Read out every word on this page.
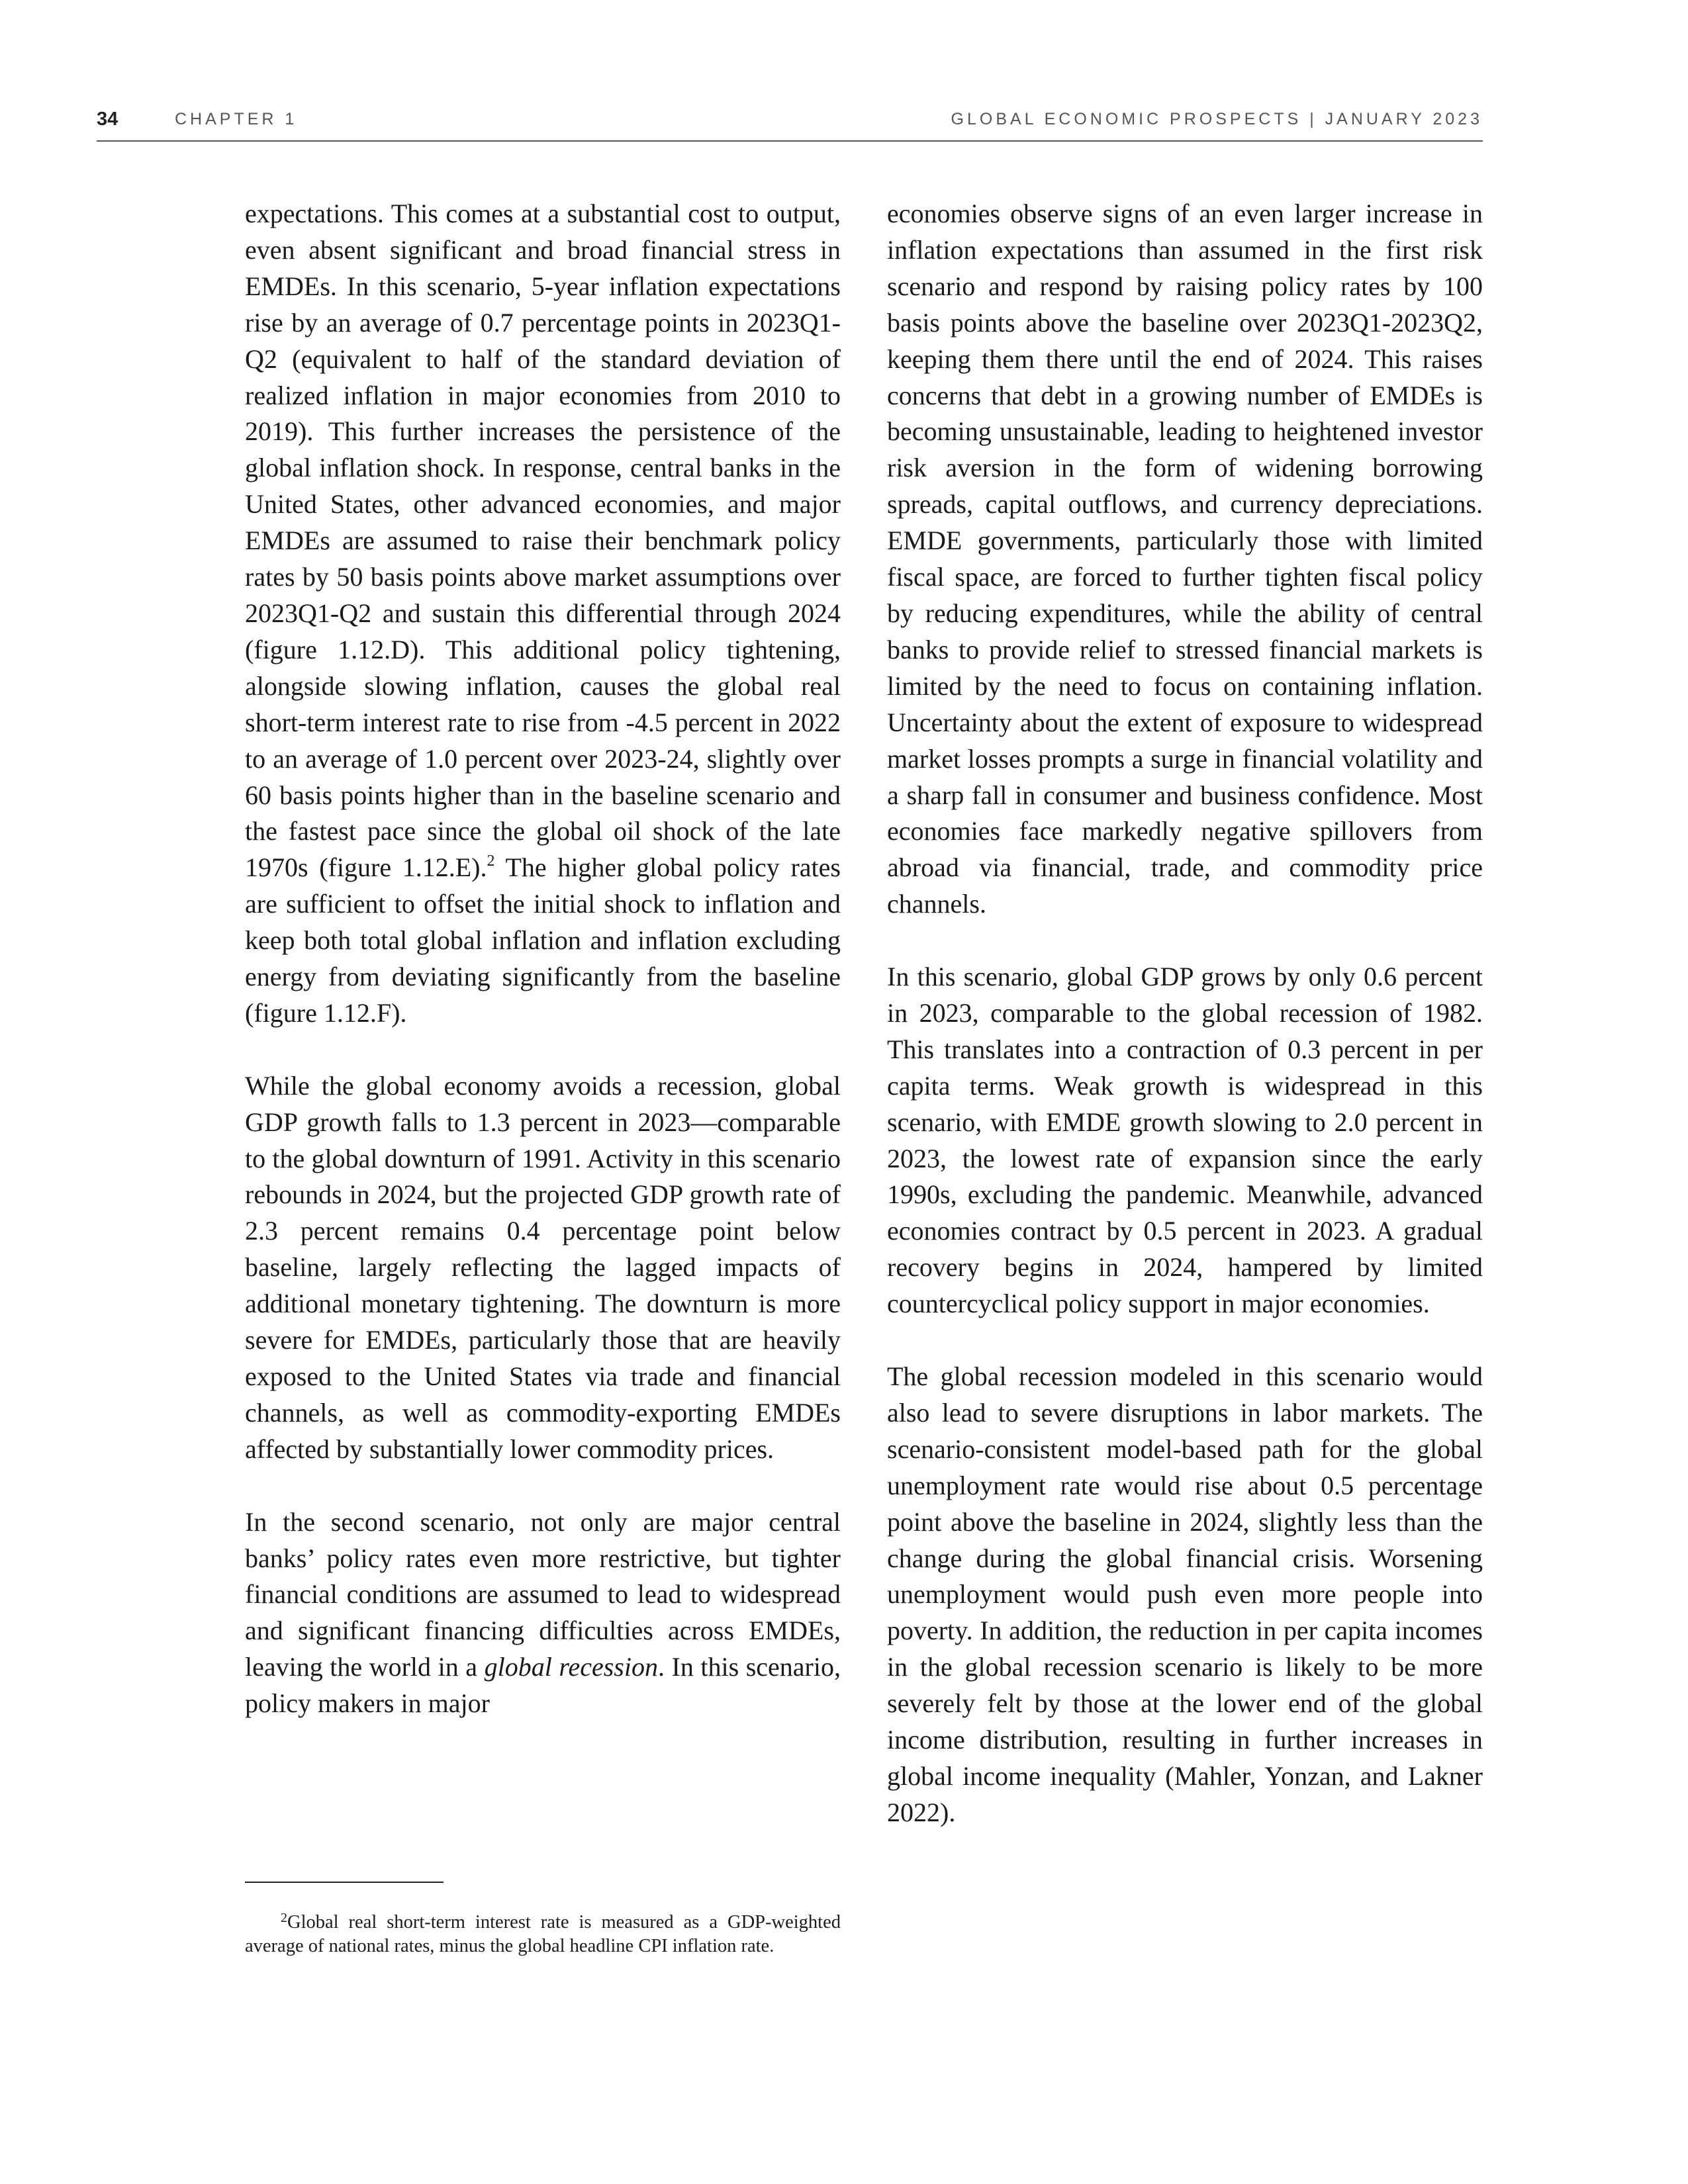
34	CHAPTER 1	GLOBAL ECONOMIC PROSPECTS | JANUARY 2023

expectations. This comes at a substantial cost to output, even absent significant and broad financial stress in EMDEs. In this scenario, 5-year inflation expectations rise by an average of 0.7 percentage points in 2023Q1-Q2 (equivalent to half of the standard deviation of realized inflation in major economies from 2010 to 2019). This further increases the persistence of the global inflation shock. In response, central banks in the United States, other advanced economies, and major EMDEs are assumed to raise their benchmark policy rates by 50 basis points above market assumptions over 2023Q1-Q2 and sustain this differential through 2024 (figure 1.12.D). This additional policy tightening, alongside slowing inflation, causes the global real short-term interest rate to rise from -4.5 percent in 2022 to an average of 1.0 percent over 2023-24, slightly over 60 basis points higher than in the baseline scenario and the fastest pace since the global oil shock of the late 1970s (figure 1.12.E).$^2$ The higher global policy rates are sufficient to offset the initial shock to inflation and keep both total global inflation and inflation excluding energy from deviating significantly from the baseline (figure 1.12.F).

While the global economy avoids a recession, global GDP growth falls to 1.3 percent in 2023—comparable to the global downturn of 1991. Activity in this scenario rebounds in 2024, but the projected GDP growth rate of 2.3 percent remains 0.4 percentage point below baseline, largely reflecting the lagged impacts of additional monetary tightening. The downturn is more severe for EMDEs, particularly those that are heavily exposed to the United States via trade and financial channels, as well as commodity-exporting EMDEs affected by substantially lower commodity prices.

In the second scenario, not only are major central banks’ policy rates even more restrictive, but tighter financial conditions are assumed to lead to widespread and significant financing difficulties across EMDEs, leaving the world in a global recession. In this scenario, policy makers in major

$^2$Global real short-term interest rate is measured as a GDP-weighted average of national rates, minus the global headline CPI inflation rate.

economies observe signs of an even larger increase in inflation expectations than assumed in the first risk scenario and respond by raising policy rates by 100 basis points above the baseline over 2023Q1-2023Q2, keeping them there until the end of 2024. This raises concerns that debt in a growing number of EMDEs is becoming unsustainable, leading to heightened investor risk aversion in the form of widening borrowing spreads, capital outflows, and currency depreciations. EMDE governments, particularly those with limited fiscal space, are forced to further tighten fiscal policy by reducing expenditures, while the ability of central banks to provide relief to stressed financial markets is limited by the need to focus on containing inflation. Uncertainty about the extent of exposure to widespread market losses prompts a surge in financial volatility and a sharp fall in consumer and business confidence. Most economies face markedly negative spillovers from abroad via financial, trade, and commodity price channels.

In this scenario, global GDP grows by only 0.6 percent in 2023, comparable to the global recession of 1982. This translates into a contraction of 0.3 percent in per capita terms. Weak growth is widespread in this scenario, with EMDE growth slowing to 2.0 percent in 2023, the lowest rate of expansion since the early 1990s, excluding the pandemic. Meanwhile, advanced economies contract by 0.5 percent in 2023. A gradual recovery begins in 2024, hampered by limited countercyclical policy support in major economies.

The global recession modeled in this scenario would also lead to severe disruptions in labor markets. The scenario-consistent model-based path for the global unemployment rate would rise about 0.5 percentage point above the baseline in 2024, slightly less than the change during the global financial crisis. Worsening unemployment would push even more people into poverty. In addition, the reduction in per capita incomes in the global recession scenario is likely to be more severely felt by those at the lower end of the global income distribution, resulting in further increases in global income inequality (Mahler, Yonzan, and Lakner 2022).
